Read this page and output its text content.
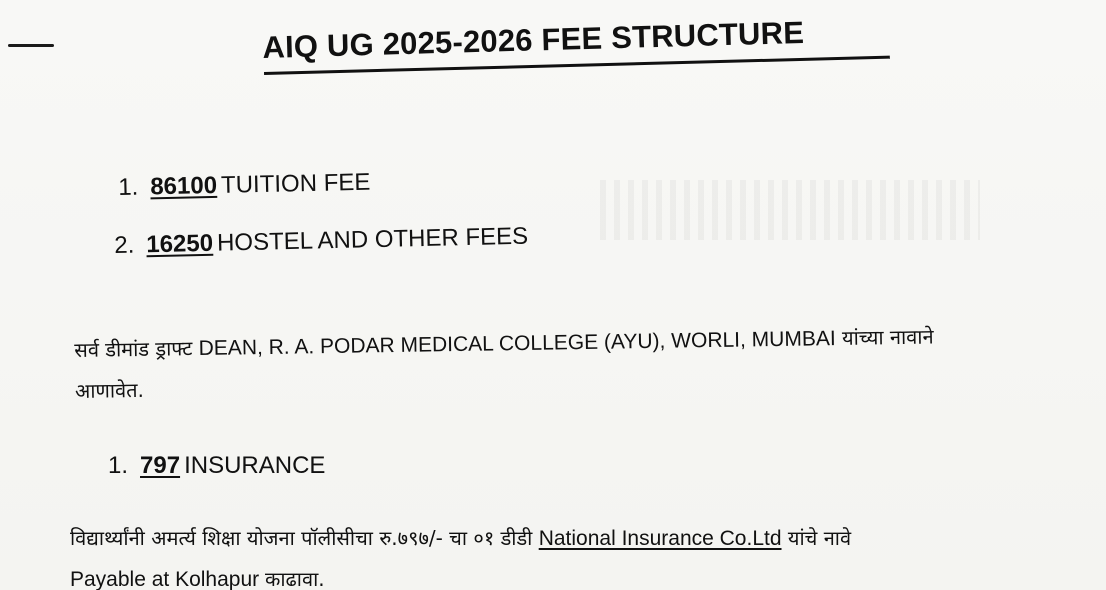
AIQ UG 2025-2026 FEE STRUCTURE
1. 86100 TUITION FEE
2. 16250 HOSTEL AND OTHER FEES
सर्व डीमांड ड्राफ्ट DEAN, R. A. PODAR MEDICAL COLLEGE (AYU), WORLI, MUMBAI यांच्या नावाने
आणावेत.
1. 797 INSURANCE
विद्यार्थ्यांनी अमर्त्य शिक्षा योजना पॉलीसीचा रु.७९७/- चा ०१ डीडी National Insurance Co.Ltd यांचे नावे
Payable at Kolhapur काढावा.
